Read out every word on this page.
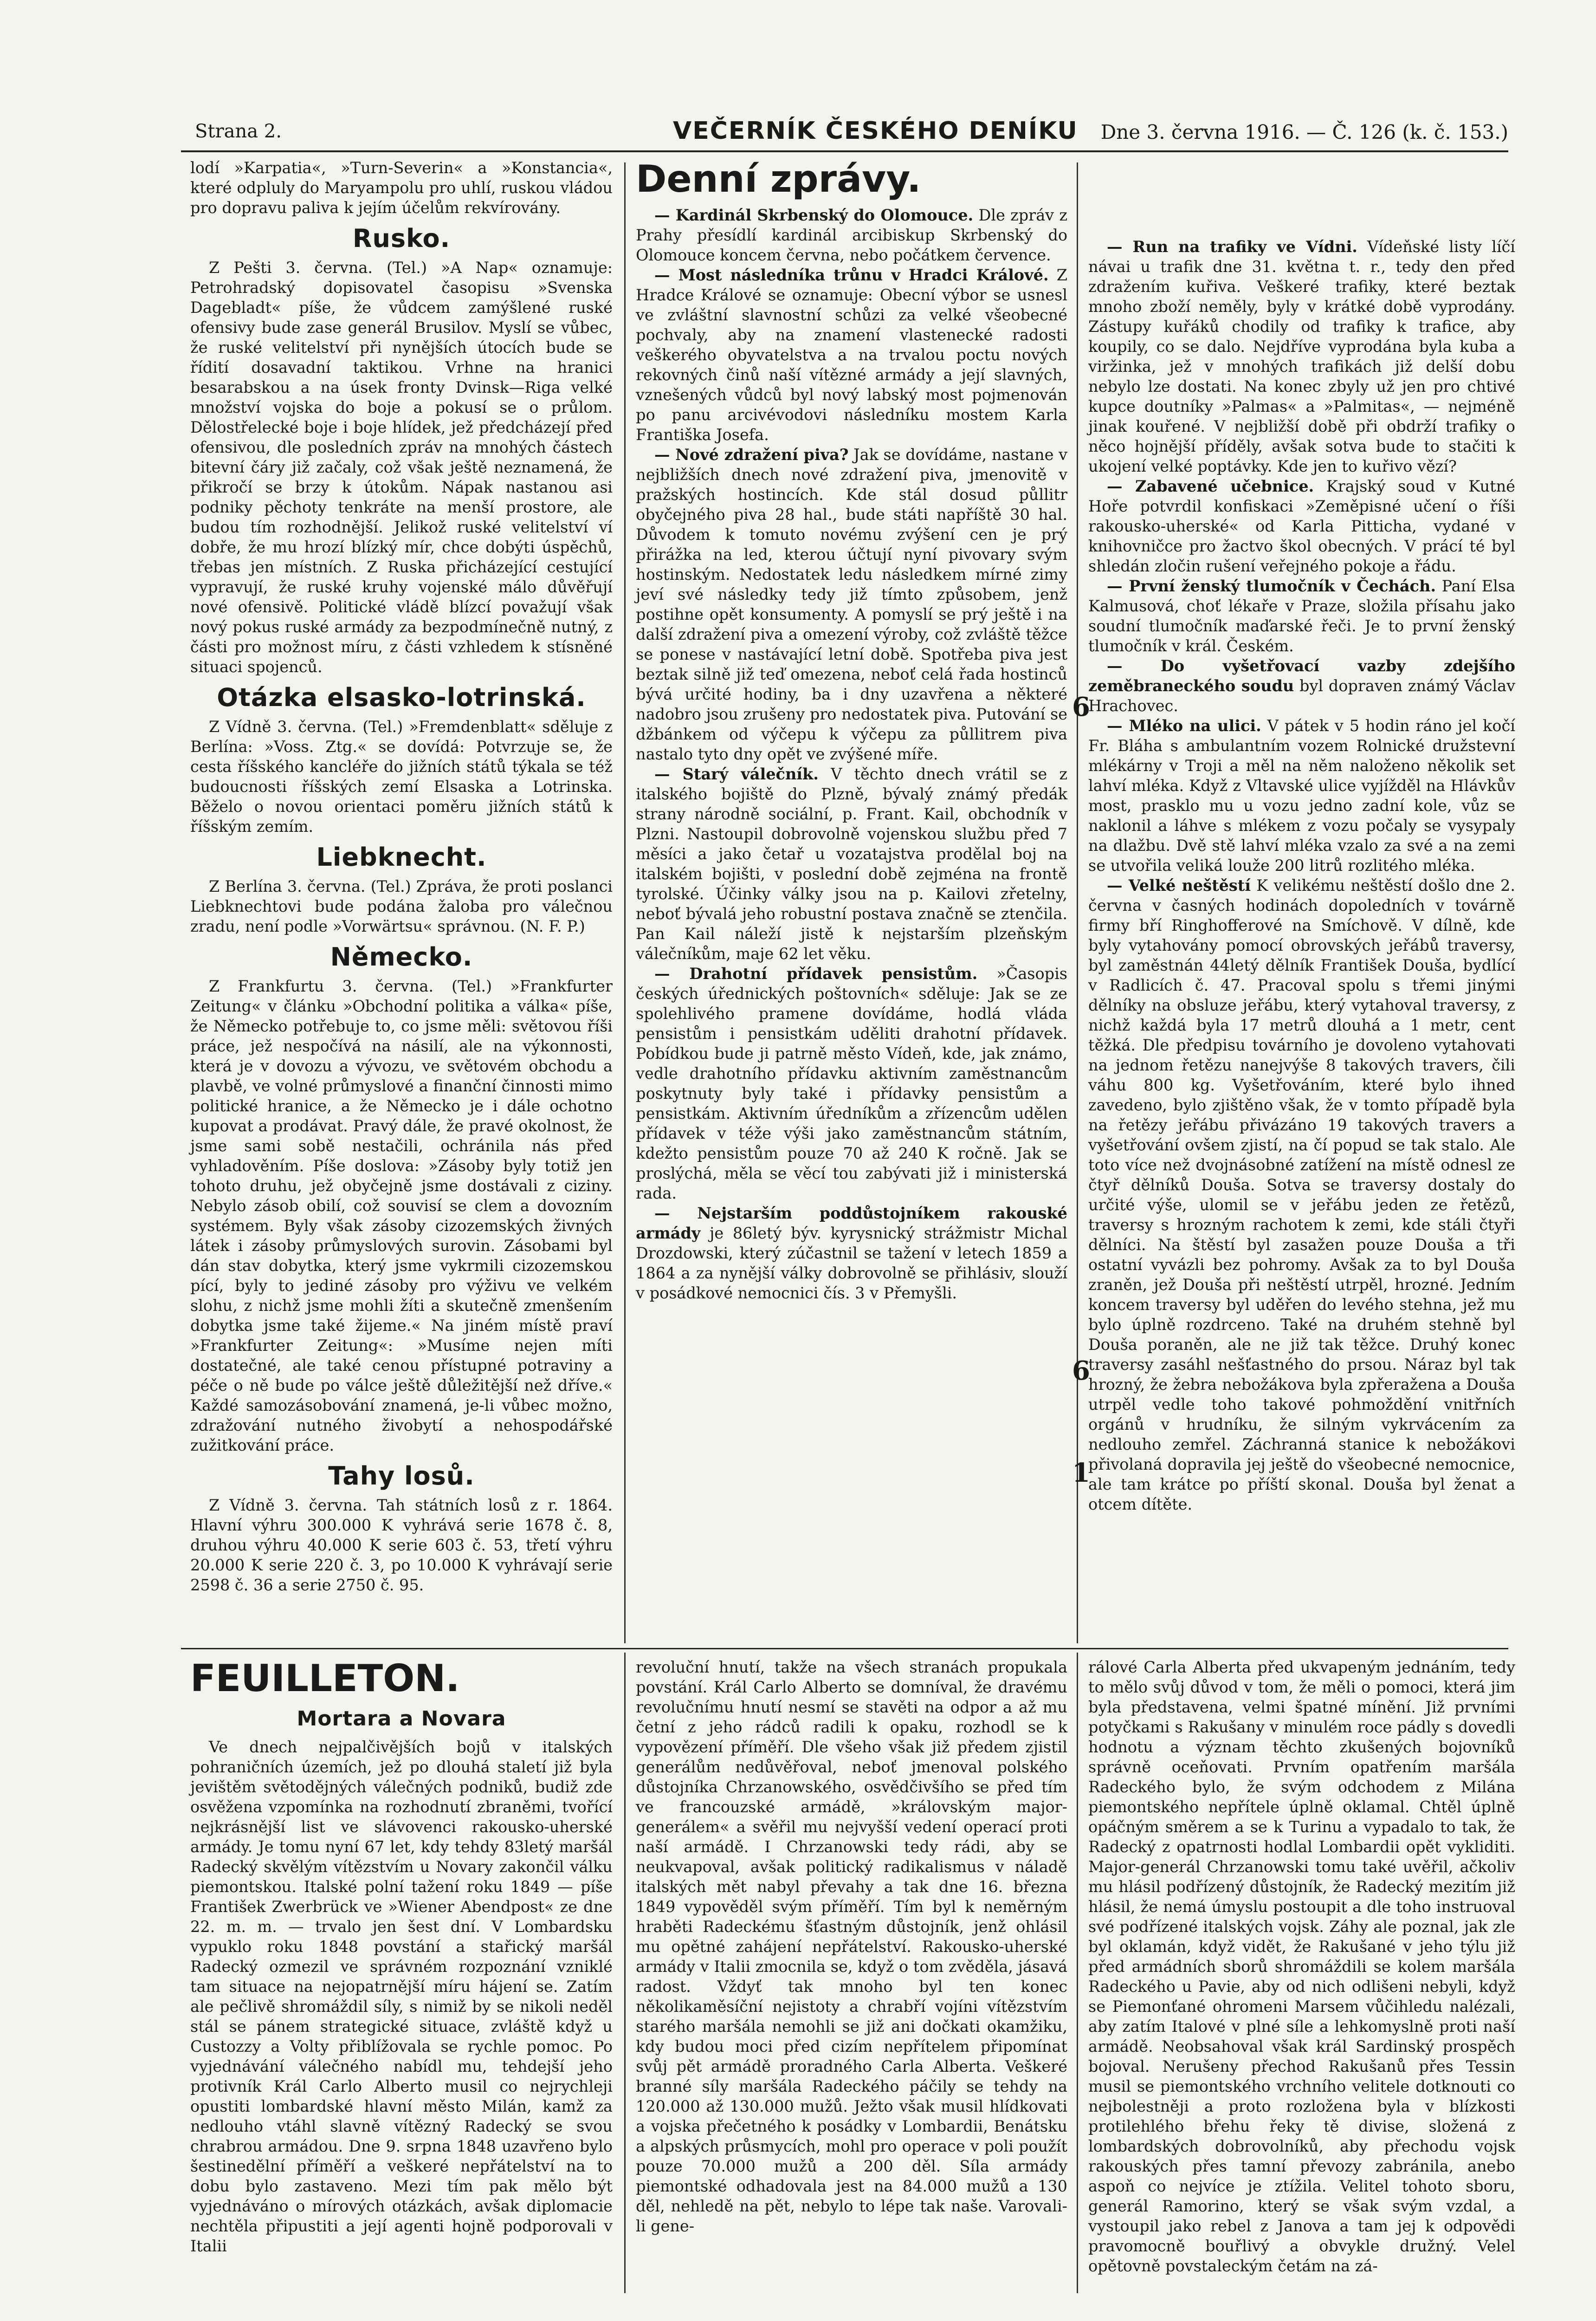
Strana 2.	VEČERNÍK ČESKÉHO DENÍKU Dne 3. června 1916. — Č. 126 (k. č. 153.)

lodí »Karpatia«, »Turn-Severin« a »Konstancia«, které odpluly do Maryampolu pro uhlí, ruskou vládou pro dopravu paliva k jejím účelům rekvírovány.

Rusko.

Z Pešti 3. června. (Tel.) »A Nap« oznamuje: Petrohradský dopisovatel časopisu »Svenska Dagebladt« píše, že vůdcem zamýšlené ruské ofensivy bude zase generál Brusilov. Myslí se vůbec, že ruské velitelství při nynějších útocích bude se řídití dosavadní taktikou. Vrhne na hranici besarabskou a na úsek fronty Dvinsk—Riga velké množství vojska do boje a pokusí se o průlom. Dělostřelecké boje i boje hlídek, jež předcházejí před ofensivou, dle posledních zpráv na mnohých částech bitevní čáry již začaly, což však ještě neznamená, že přikročí se brzy k útokům. Nápak nastanou asi podniky pěchoty tenkráte na menší prostore, ale budou tím rozhodnější. Jelikož ruské velitelství ví dobře, že mu hrozí blízký mír, chce dobýti úspěchů, třebas jen místních. Z Ruska přicházející cestující vypravují, že ruské kruhy vojenské málo důvěřují nové ofensivě. Politické vládě blízcí považují však nový pokus ruské armády za bezpodmínečně nutný, z části pro možnost míru, z části vzhledem k stísněné situaci spojenců.

Otázka elsasko-lotrinská.

Z Vídně 3. června. (Tel.) »Fremdenblatt« sděluje z Berlína: »Voss. Ztg.« se dovídá: Potvrzuje se, že cesta říšského kancléře do jižních států týkala se též budoucnosti říšských zemí Elsaska a Lotrinska. Běželo o novou orientaci poměru jižních států k říšským zemím.

Liebknecht.

Z Berlína 3. června. (Tel.) Zpráva, že proti poslanci Liebknechtovi bude podána žaloba pro válečnou zradu, není podle »Vorwärtsu« správnou. (N. F. P.)

Německo.

Z Frankfurtu 3. června. (Tel.) »Frankfurter Zeitung« v článku »Obchodní politika a válka« píše, že Německo potřebuje to, co jsme měli: světovou říši práce, jež nespočívá na násilí, ale na výkonnosti, která je v dovozu a vývozu, ve světovém obchodu a plavbě, ve volné průmyslové a finanční činnosti mimo politické hranice, a že Německo je i dále ochotno kupovat a prodávat. Pravý dále, že pravé okolnost, že jsme sami sobě nestačili, ochránila nás před vyhladověním. Píše doslova: »Zásoby byly totiž jen tohoto druhu, jež obyčejně jsme dostávali z ciziny. Nebylo zásob obilí, což souvisí se clem a dovozním systémem. Byly však zásoby cizozemských živných látek i zásoby průmyslových surovin. Zásobami byl dán stav dobytka, který jsme vykrmili cizozemskou pící, byly to jediné zásoby pro výživu ve velkém slohu, z nichž jsme mohli žíti a skutečně zmenšením dobytka jsme také žijeme.« Na jiném místě praví »Frankfurter Zeitung«: »Musíme nejen míti dostatečné, ale také cenou přístupné potraviny a péče o ně bude po válce ještě důležitější než dříve.« Každé samozásobování znamená, je-li vůbec možno, zdražování nutného živobytí a nehospodářské zužitkování práce.

Tahy losů.

Z Vídně 3. června. Tah státních losů z r. 1864. Hlavní výhru 300.000 K vyhrává serie 1678 č. 8, druhou výhru 40.000 K serie 603 č. 53, třetí výhru 20.000 K serie 220 č. 3, po 10.000 K vyhrávají serie 2598 č. 36 a serie 2750 č. 95.

Denní zprávy.

— Kardinál Skrbenský do Olomouce. Dle zpráv z Prahy přesídlí kardinál arcibiskup Skrbenský do Olomouce koncem června, nebo počátkem července.

— Most následníka trůnu v Hradci Králové. Z Hradce Králové se oznamuje: Obecní výbor se usnesl ve zvláštní slavnostní schůzi za velké všeobecné pochvaly, aby na znamení vlastenecké radosti veškerého obyvatelstva a na trvalou poctu nových rekovných činů naší vítězné armády a její slavných, vznešených vůdců byl nový labský most pojmenován po panu arcivévodovi následníku mostem Karla Františka Josefa.

— Nové zdražení piva? Jak se dovídáme, nastane v nejbližších dnech nové zdražení piva, jmenovitě v pražských hostincích. Kde stál dosud půllitr obyčejného piva 28 hal., bude státi napříště 30 hal. Důvodem k tomuto novému zvýšení cen je prý přirážka na led, kterou účtují nyní pivovary svým hostinským. Nedostatek ledu následkem mírné zimy jeví své následky tedy již tímto způsobem, jenž postihne opět konsumenty. A pomyslí se prý ještě i na další zdražení piva a omezení výroby, což zvláště těžce se ponese v nastávající letní době. Spotřeba piva jest beztak silně již teď omezena, neboť celá řada hostinců bývá určité hodiny, ba i dny uzavřena a některé nadobro jsou zrušeny pro nedostatek piva. Putování se džbánkem od výčepu k výčepu za půllitrem piva nastalo tyto dny opět ve zvýšené míře.

— Starý válečník. V těchto dnech vrátil se z italského bojiště do Plzně, bývalý známý předák strany národně sociální, p. Frant. Kail, obchodník v Plzni. Nastoupil dobrovolně vojenskou službu před 7 měsíci a jako četař u vozatajstva prodělal boj na italském bojišti, v poslední době zejména na frontě tyrolské. Účinky války jsou na p. Kailovi zřetelny, neboť bývalá jeho robustní postava značně se ztenčila. Pan Kail náleží jistě k nejstarším plzeňským válečníkům, maje 62 let věku.

— Drahotní přídavek pensistům. »Časopis českých úřednických poštovních« sděluje: Jak se ze spolehlivého pramene dovídáme, hodlá vláda pensistům i pensistkám uděliti drahotní přídavek. Pobídkou bude ji patrně město Vídeň, kde, jak známo, vedle drahotního přídavku aktivním zaměstnancům poskytnuty byly také i přídavky pensistům a pensistkám. Aktivním úředníkům a zřízencům udělen přídavek v téže výši jako zaměstnancům státním, kdežto pensistům pouze 70 až 240 K ročně. Jak se proslýchá, měla se věcí tou zabývati již i ministerská rada.

— Nejstarším poddůstojníkem rakouské armády je 86letý býv. kyrysnický strážmistr Michal Drozdowski, který zúčastnil se tažení v letech 1859 a 1864 a za nynější války dobrovolně se přihlásiv, slouží v posádkové nemocnici čís. 3 v Přemyšli.

— Run na trafiky ve Vídni. Vídeňské listy líčí návai u trafik dne 31. května t. r., tedy den před zdražením kuřiva. Veškeré trafiky, které beztak mnoho zboží neměly, byly v krátké době vyprodány. Zástupy kuřáků chodily od trafiky k trafice, aby koupily, co se dalo. Nejdříve vyprodána byla kuba a viržinka, jež v mnohých trafikách již delší dobu nebylo lze dostati. Na konec zbyly už jen pro chtivé kupce doutníky »Palmas« a »Palmitas«, — nejméně jinak kouřené. V nejbližší době při obdrží trafiky o něco hojnější příděly, avšak sotva bude to stačiti k ukojení velké poptávky. Kde jen to kuřivo vězí?

— Zabavené učebnice. Krajský soud v Kutné Hoře potvrdil konfiskaci »Zeměpisné učení o říši rakousko-uherské« od Karla Pitticha, vydané v knihovničce pro žactvo škol obecných. V prácí té byl shledán zločin rušení veřejného pokoje a řádu.

— První ženský tlumočník v Čechách. Paní Elsa Kalmusová, choť lékaře v Praze, složila přísahu jako soudní tlumočník maďarské řeči. Je to první ženský tlumočník v král. Českém.

— Do vyšetřovací vazby zdejšího zeměbraneckého soudu byl dopraven známý Václav Hrachovec.

— Mléko na ulici. V pátek v 5 hodin ráno jel kočí Fr. Bláha s ambulantním vozem Rolnické družstevní mlékárny v Troji a měl na něm naloženo několik set lahví mléka. Když z Vltavské ulice vyjížděl na Hlávkův most, prasklo mu u vozu jedno zadní kole, vůz se naklonil a láhve s mlékem z vozu počaly se vysypaly na dlažbu. Dvě stě lahví mléka vzalo za své a na zemi se utvořila veliká louže 200 litrů rozlitého mléka.

— Velké neštěstí K velikému neštěstí došlo dne 2. června v časných hodinách dopoledních v továrně firmy bří Ringhofferové na Smíchově. V dílně, kde byly vytahovány pomocí obrovských jeřábů traversy, byl zaměstnán 44letý dělník František Douša, bydlící v Radlicích č. 47. Pracoval spolu s třemi jinými dělníky na obsluze jeřábu, který vytahoval traversy, z nichž každá byla 17 metrů dlouhá a 1 metr, cent těžká. Dle předpisu továrního je dovoleno vytahovati na jednom řetězu nanejvýše 8 takových travers, čili váhu 800 kg. Vyšetřováním, které bylo ihned zavedeno, bylo zjištěno však, že v tomto případě byla na řetězy jeřábu přivázáno 19 takových travers a vyšetřování ovšem zjistí, na čí popud se tak stalo. Ale toto více než dvojnásobné zatížení na místě odnesl ze čtyř dělníků Douša. Sotva se traversy dostaly do určité výše, ulomil se v jeřábu jeden ze řetězů, traversy s hrozným rachotem k zemi, kde stáli čtyři dělníci. Na štěstí byl zasažen pouze Douša a tři ostatní vyvázli bez pohromy. Avšak za to byl Douša zraněn, jež Douša při neštěstí utrpěl, hrozné. Jedním koncem traversy byl uděřen do levého stehna, jež mu bylo úplně rozdrceno. Také na druhém stehně byl Douša poraněn, ale ne již tak těžce. Druhý konec traversy zasáhl nešťastného do prsou. Náraz byl tak hrozný, že žebra nebožákova byla zpřeražena a Douša utrpěl vedle toho takové pohmoždění vnitřních orgánů v hrudníku, že silným vykrvácením za nedlouho zemřel. Záchranná stanice k nebožákovi přivolaná dopravila jej ještě do všeobecné nemocnice, ale tam krátce po příští skonal. Douša byl ženat a otcem dítěte.

FEUILLETON.
Mortara a Novara

Ve dnech nejpalčivějších bojů v italských pohraničních územích, jež po dlouhá staletí již byla jevištěm světodějných válečných podniků, budiž zde osvěžena vzpomínka na rozhodnutí zbraněmi, tvořící nejkrásnější list ve slávovenci rakousko-uherské armády. Je tomu nyní 67 let, kdy tehdy 83letý maršál Radecký skvělým vítězstvím u Novary zakončil válku piemontskou. Italské polní tažení roku 1849 — píše František Zwerbrück ve »Wiener Abendpost« ze dne 22. m. m. — trvalo jen šest dní. V Lombardsku vypuklo roku 1848 povstání a stařický maršál Radecký ozmezil ve správném rozpoznání vzniklé tam situace na nejopatrnější míru hájení se. Zatím ale pečlivě shromáždil síly, s nimiž by se nikoli neděl stál se pánem strategické situace, zvláště když u Custozzy a Volty přiblížovala se rychle pomoc. Po vyjednávání válečného nabídl mu, tehdejší jeho protivník Král Carlo Alberto musil co nejrychleji opustiti lombardské hlavní město Milán, kamž za nedlouho vtáhl slavně vítězný Radecký se svou chrabrou armádou. Dne 9. srpna 1848 uzavřeno bylo šestinedělní příměří a veškeré nepřátelství na to dobu bylo zastaveno. Mezi tím pak mělo být vyjednáváno o mírových otázkách, avšak diplomacie nechtěla připustiti a její agenti hojně podporovali v Italii

revoluční hnutí, takže na všech stranách propukala povstání. Král Carlo Alberto se domníval, že dravému revolučnímu hnutí nesmí se stavěti na odpor a až mu četní z jeho rádců radili k opaku, rozhodl se k vypovězení příměří. Dle všeho však již předem zjistil generálům nedůvěřoval, neboť jmenoval polského důstojníka Chrzanowského, osvědčivšího se před tím ve francouzské armádě, »královským major-generálem« a svěřil mu nejvyšší vedení operací proti naší armádě. I Chrzanowski tedy rádi, aby se neukvapoval, avšak politický radikalismus v náladě italských mět nabyl převahy a tak dne 16. března 1849 vypověděl svým příměří. Tím byl k neměrným hraběti Radeckému šťastným důstojník, jenž ohlásil mu opětné zahájení nepřátelství. Rakousko-uherské armády v Italii zmocnila se, když o tom zvěděla, jásavá radost. Vždyť tak mnoho byl ten konec několikaměsíční nejistoty a chrabří vojíni vítězstvím starého maršála nemohli se již ani dočkati okamžiku, kdy budou moci před cizím nepřítelem připomínat svůj pět armádě proradného Carla Alberta. Veškeré branné síly maršála Radeckého páčily se tehdy na 120.000 až 130.000 mužů. Ježto však musil hlídkovati a vojska přečetného k posádky v Lombardii, Benátsku a alpských průsmycích, mohl pro operace v poli použít pouze 70.000 mužů a 200 děl. Síla armády piemontské odhadovala jest na 84.000 mužů a 130 děl, nehledě na pět, nebylo to lépe tak naše. Varovali-li gene-

rálové Carla Alberta před ukvapeným jednáním, tedy to mělo svůj důvod v tom, že měli o pomoci, která jim byla představena, velmi špatné mínění. Již prvními potyčkami s Rakušany v minulém roce pádly s dovedli hodnotu a význam těchto zkušených bojovníků správně oceňovati. Prvním opatřením maršála Radeckého bylo, že svým odchodem z Milána piemontského nepřítele úplně oklamal. Chtěl úplně opáčným směrem a se k Turinu a vypadalo to tak, že Radecký z opatrnosti hodlal Lombardii opět vykliditi. Major-generál Chrzanowski tomu také uvěřil, ačkoliv mu hlásil podřízený důstojník, že Radecký mezitím již hlásil, že nemá úmyslu postoupit a dle toho instruoval své podřízené italských vojsk. Záhy ale poznal, jak zle byl oklamán, když vidět, že Rakušané v jeho týlu již před armádních sborů shromáždili se kolem maršála Radeckého u Pavie, aby od nich odlišeni nebyli, když se Piemonťané ohromeni Marsem vůčihledu nalézali, aby zatím Italové v plné síle a lehkomyslně proti naší armádě. Neobsahoval však král Sardinský prospěch bojoval. Nerušeny přechod Rakušanů přes Tessin musil se piemontského vrchního velitele dotknouti co nejbolestněji a proto rozložena byla v blízkosti protilehlého břehu řeky tě divise, složená z lombardských dobrovolníků, aby přechodu vojsk rakouských přes tamní převozy zabránila, anebo aspoň co nejvíce je ztížila. Velitel tohoto sboru, generál Ramorino, který se však svým vzdal, a vystoupil jako rebel z Janova a tam jej k odpovědi pravomocně bouřlivý a obvykle družný. Velel opětovně povstaleckým četám na zá-

6
6
1
